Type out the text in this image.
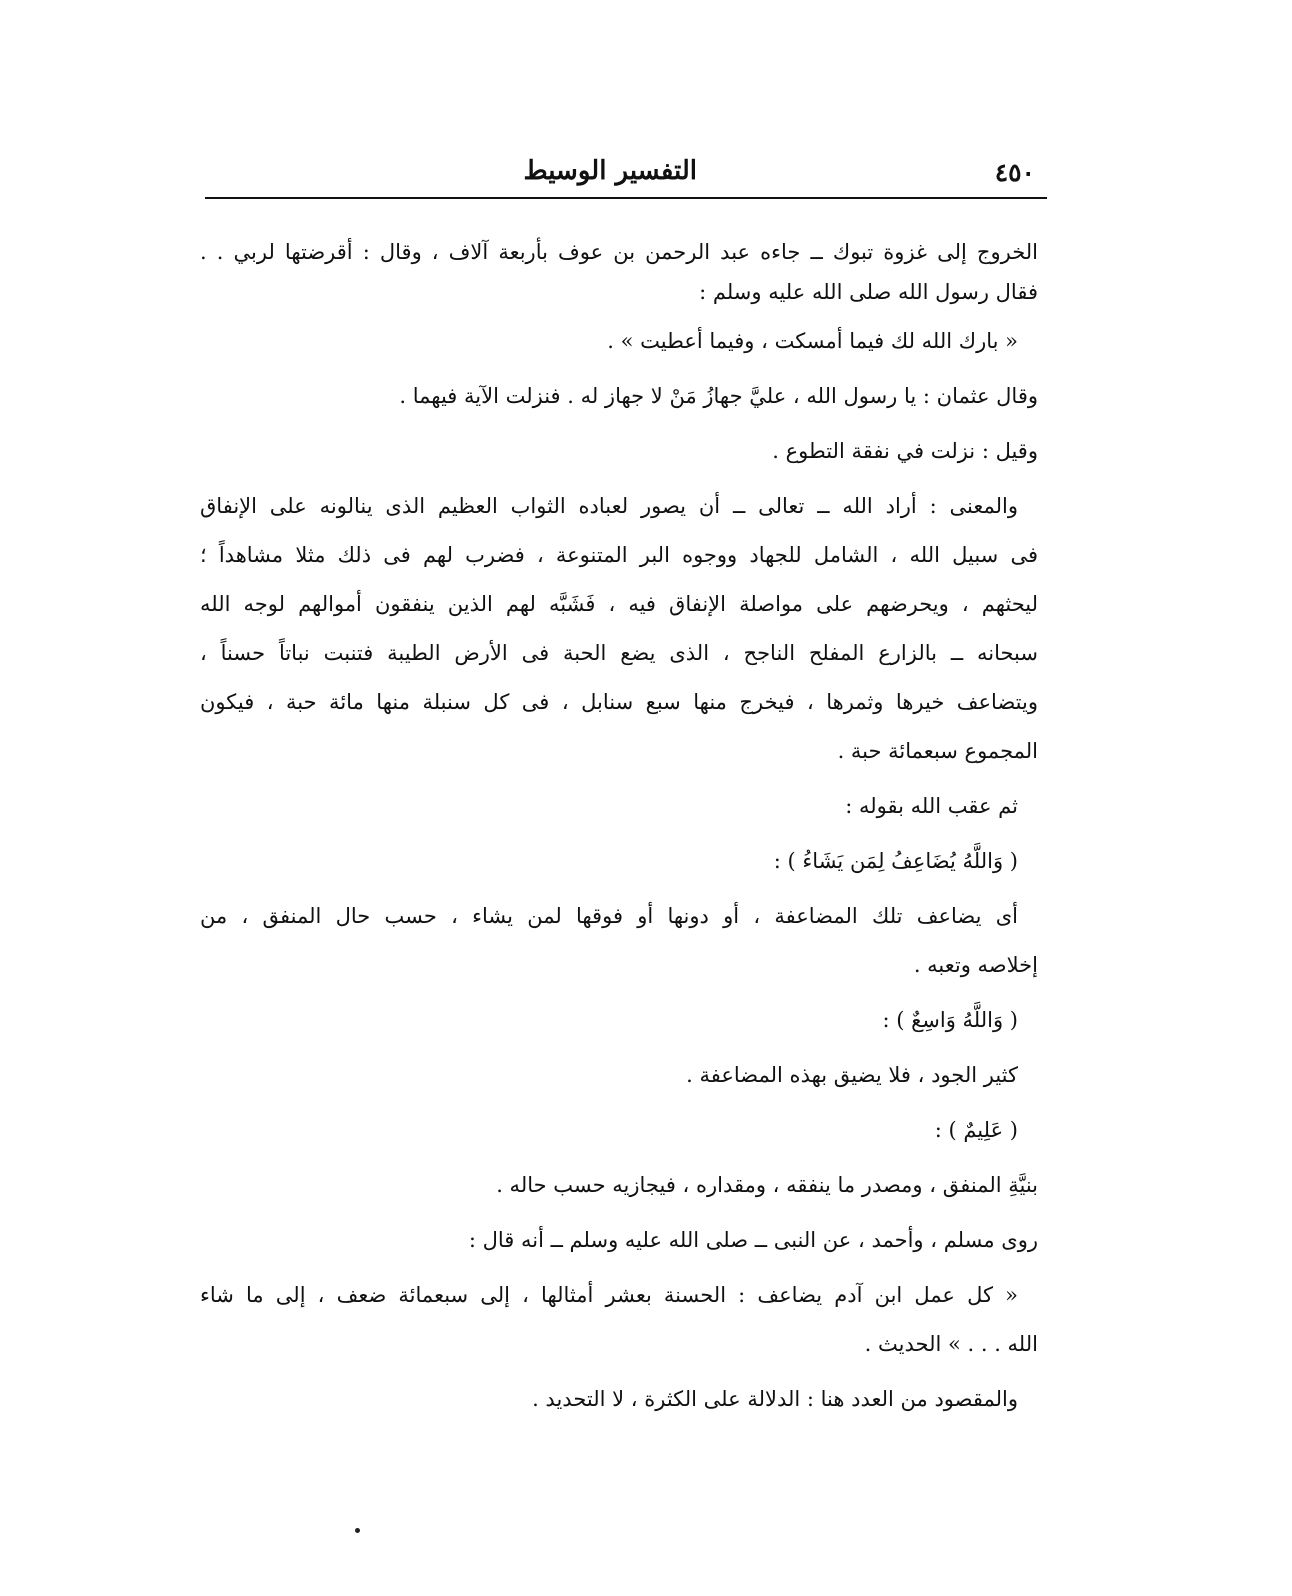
٤٥٠
التفسير الوسيط
الخروج إلى غزوة تبوك ــ جاءه عبد الرحمن بن عوف بأربعة آلاف ، وقال : أقرضتها لربي . .
فقال رسول الله صلى الله عليه وسلم :
« بارك الله لك فيما أمسكت ، وفيما أعطيت » .
وقال عثمان : يا رسول الله ، عليَّ جهازُ مَنْ لا جهاز له . فنزلت الآية فيهما .
وقيل : نزلت في نفقة التطوع .
والمعنى : أراد الله ــ تعالى ــ أن يصور لعباده الثواب العظيم الذى ينالونه على الإنفاق
فى سبيل الله ، الشامل للجهاد ووجوه البر المتنوعة ، فضرب لهم فى ذلك مثلا مشاهداً ؛
ليحثهم ، ويحرضهم على مواصلة الإنفاق فيه ، فَشَبَّه لهم الذين ينفقون أموالهم لوجه الله
سبحانه ــ بالزارع المفلح الناجح ، الذى يضع الحبة فى الأرض الطيبة فتنبت نباتاً حسناً ،
ويتضاعف خيرها وثمرها ، فيخرج منها سبع سنابل ، فى كل سنبلة منها مائة حبة ، فيكون
المجموع سبعمائة حبة .
ثم عقب الله بقوله :
( وَاللَّهُ يُضَاعِفُ لِمَن يَشَاءُ ) :
أى يضاعف تلك المضاعفة ، أو دونها أو فوقها لمن يشاء ، حسب حال المنفق ، من
إخلاصه وتعبه .
( وَاللَّهُ وَاسِعٌ ) :
كثير الجود ، فلا يضيق بهذه المضاعفة .
( عَلِيمٌ ) :
بنيَّةِ المنفق ، ومصدر ما ينفقه ، ومقداره ، فيجازيه حسب حاله .
روى مسلم ، وأحمد ، عن النبى ــ صلى الله عليه وسلم ــ أنه قال :
« كل عمل ابن آدم يضاعف : الحسنة بعشر أمثالها ، إلى سبعمائة ضعف ، إلى ما شاء
الله . . . » الحديث .
والمقصود من العدد هنا : الدلالة على الكثرة ، لا التحديد .
